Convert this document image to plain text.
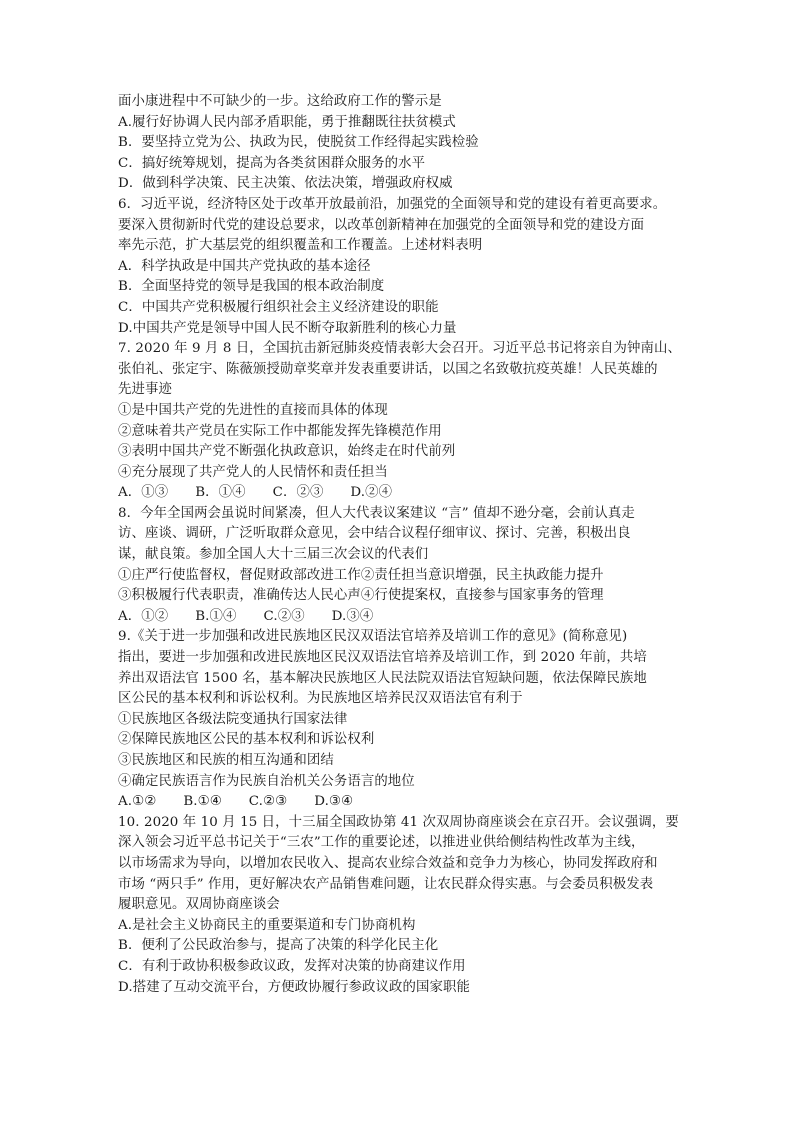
面小康进程中不可缺少的一步。这给政府工作的警示是
A.履行好协调人民内部矛盾职能，勇于推翻既往扶贫模式
B．要坚持立党为公、执政为民，使脱贫工作经得起实践检验
C．搞好统筹规划，提高为各类贫困群众服务的水平
D．做到科学决策、民主决策、依法决策，增强政府权威
6．习近平说，经济特区处于改革开放最前沿，加强党的全面领导和党的建设有着更高要求。
要深入贯彻新时代党的建设总要求，以改革创新精神在加强党的全面领导和党的建设方面
率先示范，扩大基层党的组织覆盖和工作覆盖。上述材料表明
A．科学执政是中国共产党执政的基本途径
B．全面坚持党的领导是我国的根本政治制度
C．中国共产党积极履行组织社会主义经济建设的职能
D.中国共产党是领导中国人民不断夺取新胜利的核心力量
7. 2020 年 9 月 8 日，全国抗击新冠肺炎疫情表彰大会召开。习近平总书记将亲自为钟南山、
张伯礼、张定宇、陈薇颁授勋章奖章并发表重要讲话，以国之名致敬抗疫英雄！人民英雄的
先进事迹
①是中国共产党的先进性的直接而具体的体现
②意味着共产党员在实际工作中都能发挥先锋模范作用
③表明中国共产党不断强化执政意识，始终走在时代前列
④充分展现了共产党人的人民情怀和责任担当
A．①③　　B．①④　　C．②③　　D.②④
8．今年全国两会虽说时间紧凑，但人大代表议案建议 “言” 值却不逊分毫，会前认真走
访、座谈、调研，广泛听取群众意见，会中结合议程仔细审议、探讨、完善，积极出良
谋，献良策。参加全国人大十三届三次会议的代表们
①庄严行使监督权，督促财政部改进工作②责任担当意识增强，民主执政能力提升
③积极履行代表职责，准确传达人民心声④行使提案权，直接参与国家事务的管理
A．①②　　B.①④　　C.②③　　D.③④
9.《关于进一步加强和改进民族地区民汉双语法官培养及培训工作的意见》(简称意见)
指出，要进一步加强和改进民族地区民汉双语法官培养及培训工作，到 2020 年前，共培
养出双语法官 1500 名，基本解决民族地区人民法院双语法官短缺问题，依法保障民族地
区公民的基本权利和诉讼权利。为民族地区培养民汉双语法官有利于
①民族地区各级法院变通执行国家法律
②保障民族地区公民的基本权利和诉讼权利
③民族地区和民族的相互沟通和团结
④确定民族语言作为民族自治机关公务语言的地位
A.①②　　B.①④　　C.②③　　D.③④
10. 2020 年 10 月 15 日，十三届全国政协第 41 次双周协商座谈会在京召开。会议强调，要
深入领会习近平总书记关于“三农”工作的重要论述，以推进业供给侧结构性改革为主线，
以市场需求为导向，以增加农民收入、提高农业综合效益和竞争力为核心，协同发挥政府和
市场 “两只手” 作用，更好解决农产品销售难问题，让农民群众得实惠。与会委员积极发表
履职意见。双周协商座谈会
A.是社会主义协商民主的重要渠道和专门协商机构
B．便利了公民政治参与，提高了决策的科学化民主化
C．有利于政协积极参政议政，发挥对决策的协商建议作用
D.搭建了互动交流平台，方便政协履行参政议政的国家职能
